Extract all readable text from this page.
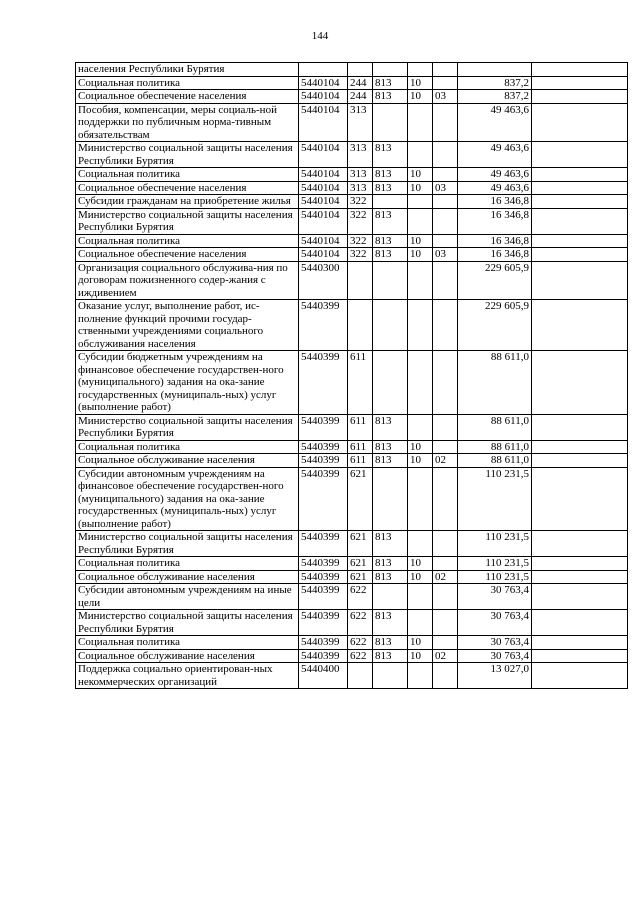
144
населения Республики Бурятия							
Социальная политика	5440104	244	813	10		837,2	
Социальное обеспечение населения	5440104	244	813	10	03	837,2	
Пособия, компенсации, меры социаль-ной поддержки по публичным норма-тивным обязательствам	5440104	313				49 463,6	
Министерство социальной защиты населения Республики Бурятия	5440104	313	813			49 463,6	
Социальная политика	5440104	313	813	10		49 463,6	
Социальное обеспечение населения	5440104	313	813	10	03	49 463,6	
Субсидии гражданам на приобретение жилья	5440104	322				16 346,8	
Министерство социальной защиты населения Республики Бурятия	5440104	322	813			16 346,8	
Социальная политика	5440104	322	813	10		16 346,8	
Социальное обеспечение населения	5440104	322	813	10	03	16 346,8	
Организация социального обслужива-ния по договорам пожизненного содер-жания с иждивением	5440300					229 605,9	
Оказание услуг, выполнение работ, ис-полнение функций прочими государ-ственными учреждениями социального обслуживания населения	5440399					229 605,9	
Субсидии бюджетным учреждениям на финансовое обеспечение государствен-ного (муниципального) задания на ока-зание государственных (муниципаль-ных) услуг (выполнение работ)	5440399	611				88 611,0	
Министерство социальной защиты населения Республики Бурятия	5440399	611	813			88 611,0	
Социальная политика	5440399	611	813	10		88 611,0	
Социальное обслуживание населения	5440399	611	813	10	02	88 611,0	
Субсидии автономным учреждениям на финансовое обеспечение государствен-ного (муниципального) задания на ока-зание государственных (муниципаль-ных) услуг (выполнение работ)	5440399	621				110 231,5	
Министерство социальной защиты населения Республики Бурятия	5440399	621	813			110 231,5	
Социальная политика	5440399	621	813	10		110 231,5	
Социальное обслуживание населения	5440399	621	813	10	02	110 231,5	
Субсидии автономным учреждениям на иные цели	5440399	622				30 763,4	
Министерство социальной защиты населения Республики Бурятия	5440399	622	813			30 763,4	
Социальная политика	5440399	622	813	10		30 763,4	
Социальное обслуживание населения	5440399	622	813	10	02	30 763,4	
Поддержка социально ориентирован-ных некоммерческих организаций	5440400					13 027,0	
